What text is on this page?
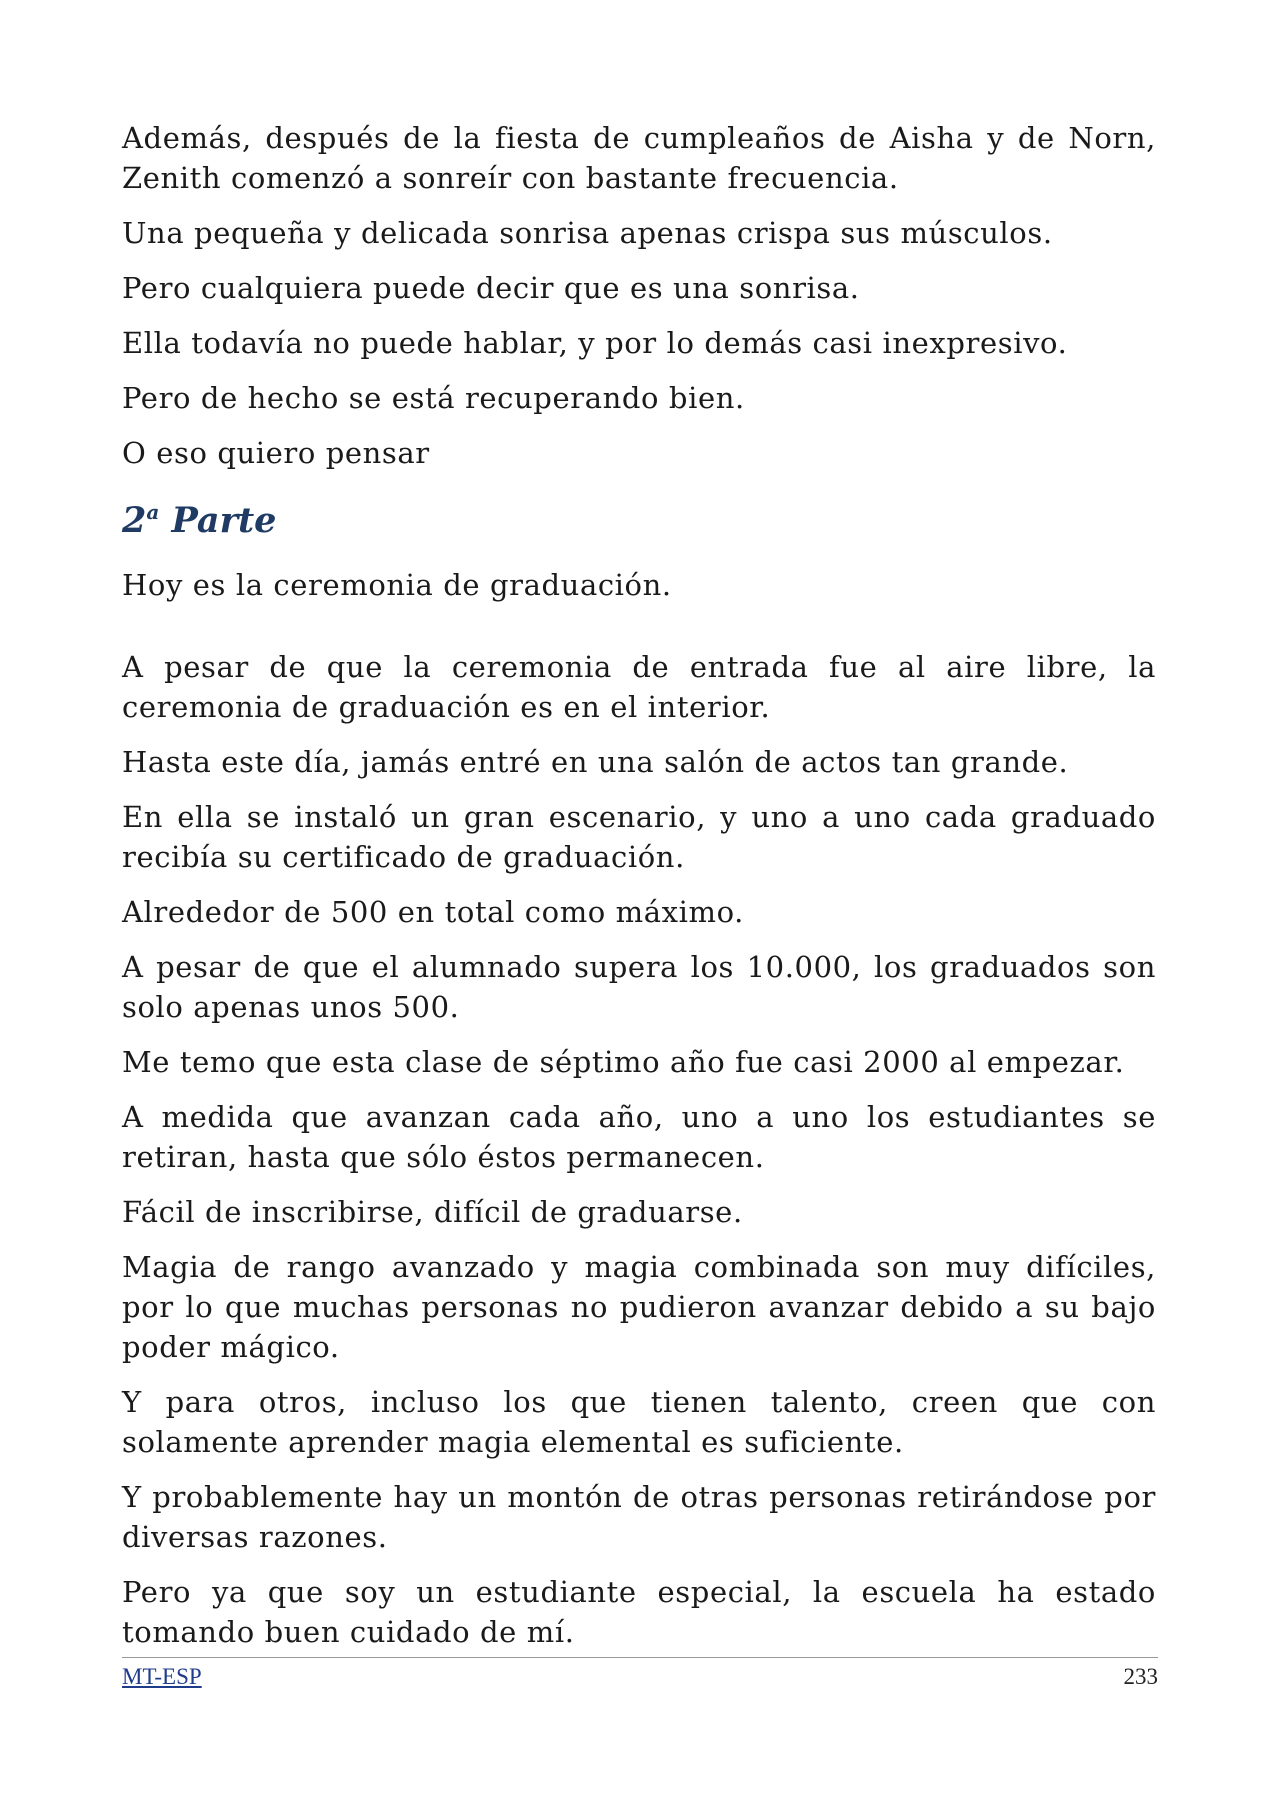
Además, después de la fiesta de cumpleaños de Aisha y de Norn, Zenith comenzó a sonreír con bastante frecuencia.

Una pequeña y delicada sonrisa apenas crispa sus músculos.

Pero cualquiera puede decir que es una sonrisa.

Ella todavía no puede hablar, y por lo demás casi inexpresivo.

Pero de hecho se está recuperando bien.

O eso quiero pensar

2$^a$ Parte

Hoy es la ceremonia de graduación.

A pesar de que la ceremonia de entrada fue al aire libre, la ceremonia de graduación es en el interior.

Hasta este día, jamás entré en una salón de actos tan grande.

En ella se instaló un gran escenario, y uno a uno cada graduado recibía su certificado de graduación.

Alrededor de 500 en total como máximo.

A pesar de que el alumnado supera los 10.000, los graduados son solo apenas unos 500.

Me temo que esta clase de séptimo año fue casi 2000 al empezar.

A medida que avanzan cada año, uno a uno los estudiantes se retiran, hasta que sólo éstos permanecen.

Fácil de inscribirse, difícil de graduarse.

Magia de rango avanzado y magia combinada son muy difíciles, por lo que muchas personas no pudieron avanzar debido a su bajo poder mágico.

Y para otros, incluso los que tienen talento, creen que con solamente aprender magia elemental es suficiente.

Y probablemente hay un montón de otras personas retirándose por diversas razones.

Pero ya que soy un estudiante especial, la escuela ha estado tomando buen cuidado de mí.

MT-ESP	233
